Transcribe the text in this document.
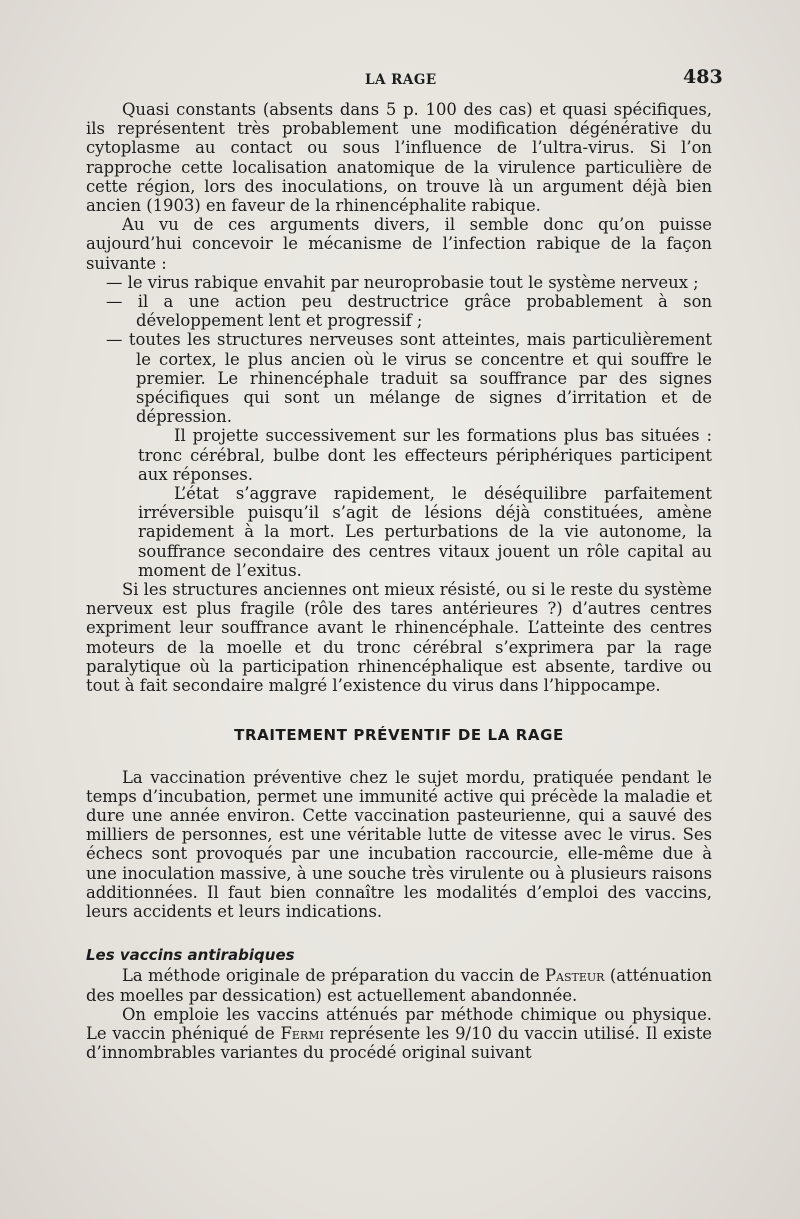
LA RAGE	483

Quasi constants (absents dans 5 p. 100 des cas) et quasi spécifiques, ils représentent très probablement une modification dégénérative du cytoplasme au contact ou sous l’influence de l’ultra-virus. Si l’on rapproche cette localisation anatomique de la virulence particulière de cette région, lors des inoculations, on trouve là un argument déjà bien ancien (1903) en faveur de la rhinencéphalite rabique.

Au vu de ces arguments divers, il semble donc qu’on puisse aujourd’hui concevoir le mécanisme de l’infection rabique de la façon suivante :

— le virus rabique envahit par neuroprobasie tout le système nerveux ;

— il a une action peu destructrice grâce probablement à son développement lent et progressif ;

— toutes les structures nerveuses sont atteintes, mais particulièrement le cortex, le plus ancien où le virus se concentre et qui souffre le premier. Le rhinencéphale traduit sa souffrance par des signes spécifiques qui sont un mélange de signes d’irritation et de dépression.

Il projette successivement sur les formations plus bas situées : tronc cérébral, bulbe dont les effecteurs périphériques participent aux réponses.

L’état s’aggrave rapidement, le déséquilibre parfaitement irréversible puisqu’il s’agit de lésions déjà constituées, amène rapidement à la mort. Les perturbations de la vie autonome, la souffrance secondaire des centres vitaux jouent un rôle capital au moment de l’exitus.

Si les structures anciennes ont mieux résisté, ou si le reste du système nerveux est plus fragile (rôle des tares antérieures ?) d’autres centres expriment leur souffrance avant le rhinencéphale. L’atteinte des centres moteurs de la moelle et du tronc cérébral s’exprimera par la rage paralytique où la participation rhinencéphalique est absente, tardive ou tout à fait secondaire malgré l’existence du virus dans l’hippocampe.

TRAITEMENT PRÉVENTIF DE LA RAGE

La vaccination préventive chez le sujet mordu, pratiquée pendant le temps d’incubation, permet une immunité active qui précède la maladie et dure une année environ. Cette vaccination pasteurienne, qui a sauvé des milliers de personnes, est une véritable lutte de vitesse avec le virus. Ses échecs sont provoqués par une incubation raccourcie, elle-même due à une inoculation massive, à une souche très virulente ou à plusieurs raisons additionnées. Il faut bien connaître les modalités d’emploi des vaccins, leurs accidents et leurs indications.

Les vaccins antirabiques

La méthode originale de préparation du vaccin de Pasteur (atténuation des moelles par dessication) est actuellement abandonnée.

On emploie les vaccins atténués par méthode chimique ou physique. Le vaccin phéniqué de Fermi représente les 9/10 du vaccin utilisé. Il existe d’innombrables variantes du procédé original suivant
